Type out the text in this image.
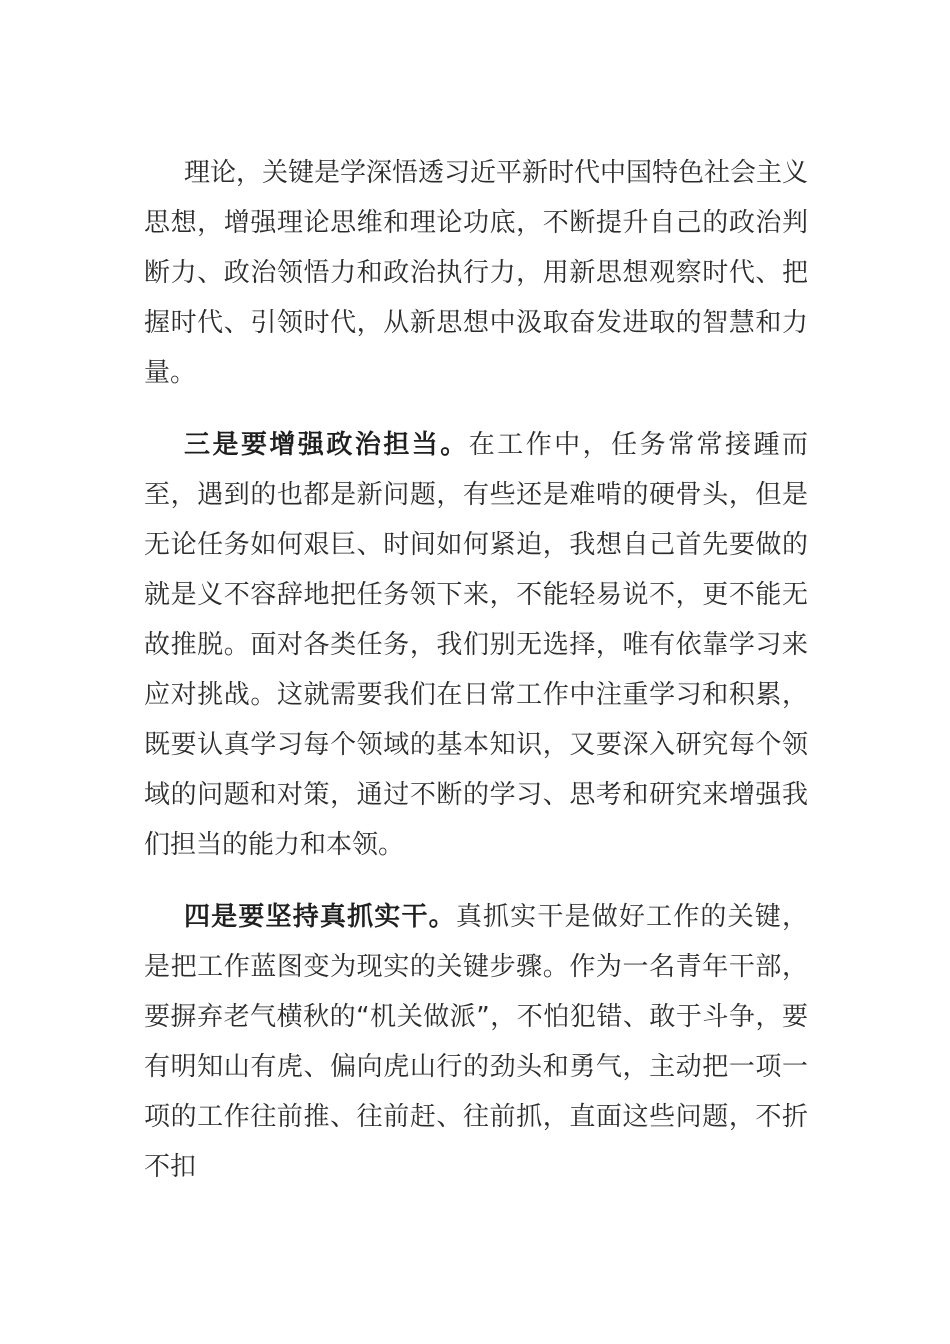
理论，关键是学深悟透习近平新时代中国特色社会主义思想，增强理论思维和理论功底，不断提升自己的政治判断力、政治领悟力和政治执行力，用新思想观察时代、把握时代、引领时代，从新思想中汲取奋发进取的智慧和力量。

三是要增强政治担当。在工作中，任务常常接踵而至，遇到的也都是新问题，有些还是难啃的硬骨头，但是无论任务如何艰巨、时间如何紧迫，我想自己首先要做的就是义不容辞地把任务领下来，不能轻易说不，更不能无故推脱。面对各类任务，我们别无选择，唯有依靠学习来应对挑战。这就需要我们在日常工作中注重学习和积累，既要认真学习每个领域的基本知识，又要深入研究每个领域的问题和对策，通过不断的学习、思考和研究来增强我们担当的能力和本领。

四是要坚持真抓实干。真抓实干是做好工作的关键，是把工作蓝图变为现实的关键步骤。作为一名青年干部，要摒弃老气横秋的“机关做派”，不怕犯错、敢于斗争，要有明知山有虎、偏向虎山行的劲头和勇气，主动把一项一项的工作往前推、往前赶、往前抓，直面这些问题，不折不扣
